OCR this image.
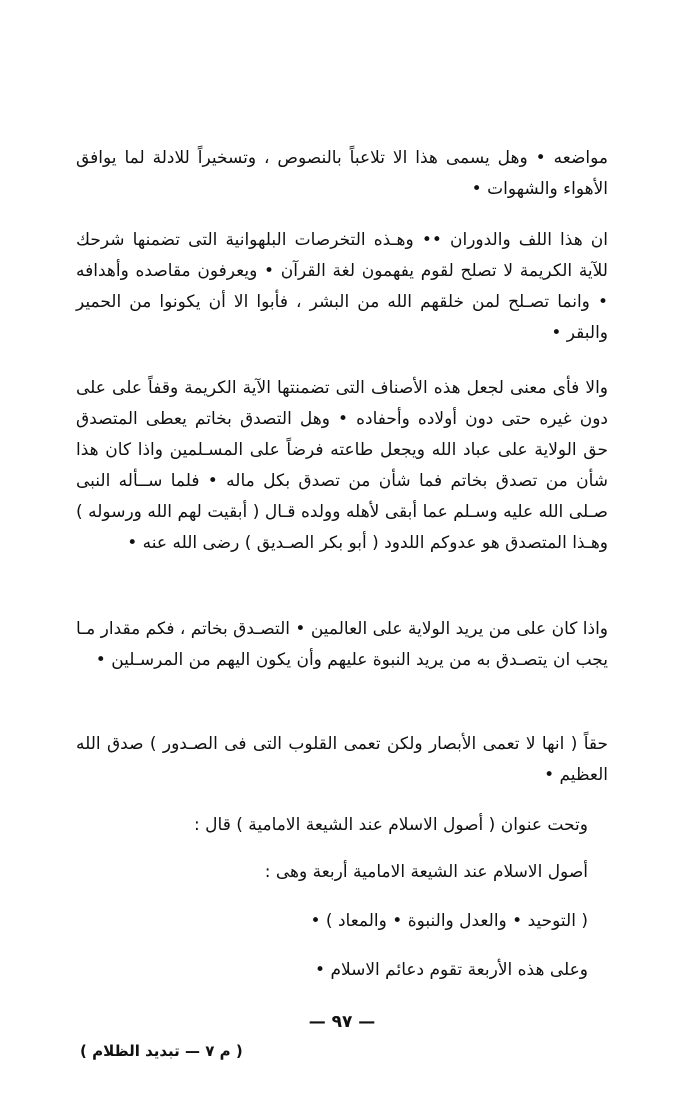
مواضعه • وهل يسمى هذا الا تلاعباً بالنصوص ، وتسخيراً للادلة لما يوافق الأهواء والشهوات •

ان هذا اللف والدوران •• وهـذه التخرصات البلهوانية التى تضمنها شرحك للآية الكريمة لا تصلح لقوم يفهمون لغة القرآن • ويعرفون مقاصده وأهدافه • وانما تصـلح لمن خلقهم الله من البشر ، فأبوا الا أن يكونوا من الحمير والبقر •

والا فأى معنى لجعل هذه الأصناف التى تضمنتها الآية الكريمة وقفاً على على دون غيره حتى دون أولاده وأحفاده • وهل التصدق بخاتم يعطى المتصدق حق الولاية على عباد الله ويجعل طاعته فرضاً على المسـلمين واذا كان هذا شأن من تصدق بخاتم فما شأن من تصدق بكل ماله • فلما ســأله النبى صـلى الله عليه وسـلم عما أبقى لأهله وولده قـال ( أبقيت لهم الله ورسوله ) وهـذا المتصدق هو عدوكم اللدود ( أبو بكر الصـديق ) رضى الله عنه •

واذا كان على من يريد الولاية على العالمين • التصـدق بخاتم ، فكم مقدار مـا يجب ان يتصـدق به من يريد النبوة عليهم وأن يكون اليهم من المرسـلين •

حقاً ( انها لا تعمى الأبصار ولكن تعمى القلوب التى فى الصـدور ) صدق الله العظيم •

وتحت عنوان ( أصول الاسلام عند الشيعة الامامية ) قال :

أصول الاسلام عند الشيعة الامامية أربعة وهى :

( التوحيد • والعدل والنبوة • والمعاد ) •

وعلى هذه الأربعة تقوم دعائم الاسلام •

— ٩٧ —
( م ٧ — تبديد الظلام )
